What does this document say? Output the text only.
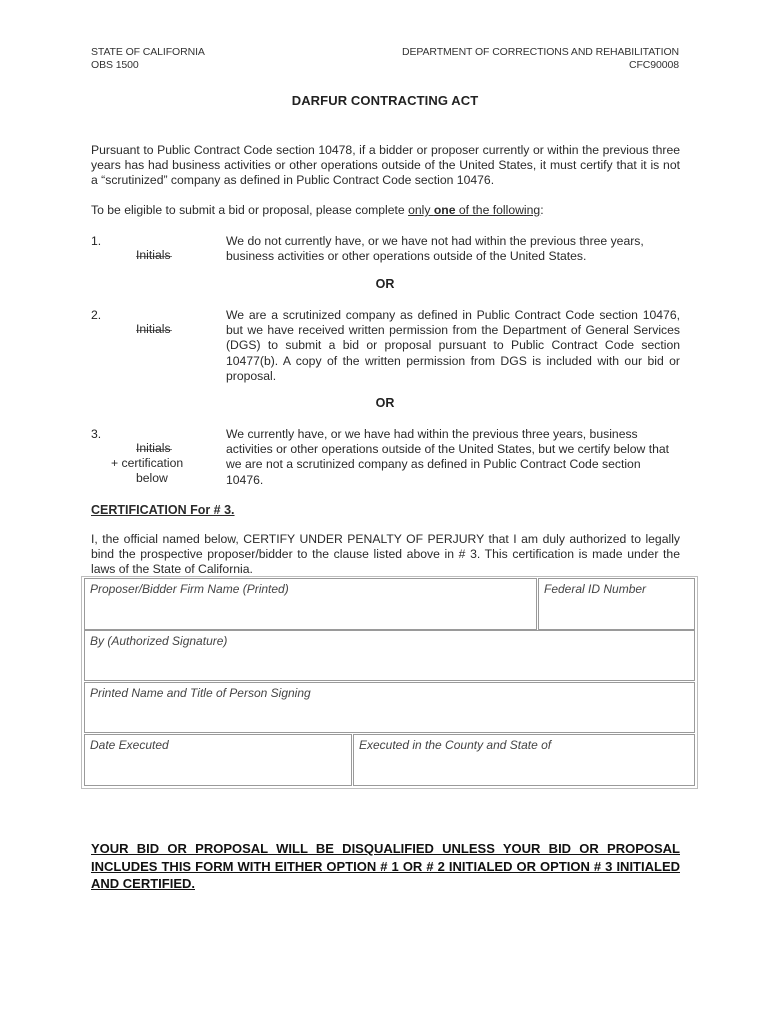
STATE OF CALIFORNIA
OBS 1500
DEPARTMENT OF CORRECTIONS AND REHABILITATION
CFC90008
DARFUR CONTRACTING ACT
Pursuant to Public Contract Code section 10478, if a bidder or proposer currently or within the previous three years has had business activities or other operations outside of the United States, it must certify that it is not a “scrutinized” company as defined in Public Contract Code section 10476.
To be eligible to submit a bid or proposal, please complete only one of the following:
1.
Initials
We do not currently have, or we have not had within the previous three years, business activities or other operations outside of the United States.
OR
2.
Initials
We are a scrutinized company as defined in Public Contract Code section 10476, but we have received written permission from the Department of General Services (DGS) to submit a bid or proposal pursuant to Public Contract Code section 10477(b). A copy of the written permission from DGS is included with our bid or proposal.
OR
3.
Initials
+ certification
below
We currently have, or we have had within the previous three years, business activities or other operations outside of the United States, but we certify below that we are not a scrutinized company as defined in Public Contract Code section 10476.
CERTIFICATION For # 3.
I, the official named below, CERTIFY UNDER PENALTY OF PERJURY that I am duly authorized to legally bind the prospective proposer/bidder to the clause listed above in # 3. This certification is made under the laws of the State of California.
Proposer/Bidder Firm Name (Printed)	Federal ID Number
By (Authorized Signature)
Printed Name and Title of Person Signing
Date Executed	Executed in the County and State of
YOUR BID OR PROPOSAL WILL BE DISQUALIFIED UNLESS YOUR BID OR PROPOSAL INCLUDES THIS FORM WITH EITHER OPTION # 1 OR # 2 INITIALED OR OPTION # 3 INITIALED AND CERTIFIED.
